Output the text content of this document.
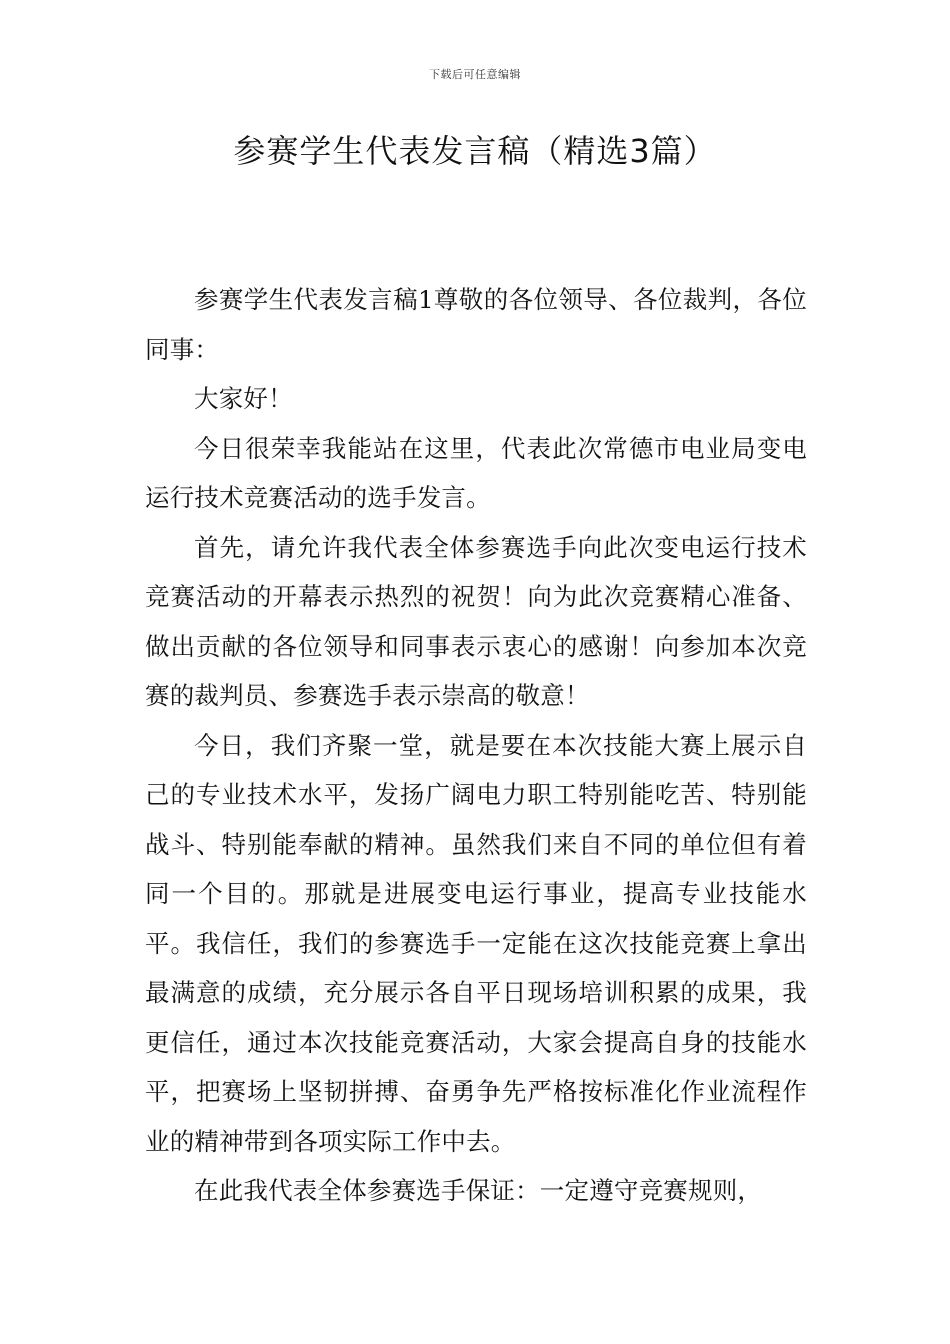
下载后可任意编辑
参赛学生代表发言稿（精选3篇）

参赛学生代表发言稿1尊敬的各位领导、各位裁判，各位同事：

大家好！

今日很荣幸我能站在这里，代表此次常德市电业局变电运行技术竞赛活动的选手发言。

首先，请允许我代表全体参赛选手向此次变电运行技术竞赛活动的开幕表示热烈的祝贺！向为此次竞赛精心准备、做出贡献的各位领导和同事表示衷心的感谢！向参加本次竞赛的裁判员、参赛选手表示崇高的敬意！

今日，我们齐聚一堂，就是要在本次技能大赛上展示自己的专业技术水平，发扬广阔电力职工特别能吃苦、特别能战斗、特别能奉献的精神。虽然我们来自不同的单位但有着同一个目的。那就是进展变电运行事业，提高专业技能水平。我信任，我们的参赛选手一定能在这次技能竞赛上拿出最满意的成绩，充分展示各自平日现场培训积累的成果，我更信任，通过本次技能竞赛活动，大家会提高自身的技能水平，把赛场上坚韧拼搏、奋勇争先严格按标准化作业流程作业的精神带到各项实际工作中去。

在此我代表全体参赛选手保证：一定遵守竞赛规则，
